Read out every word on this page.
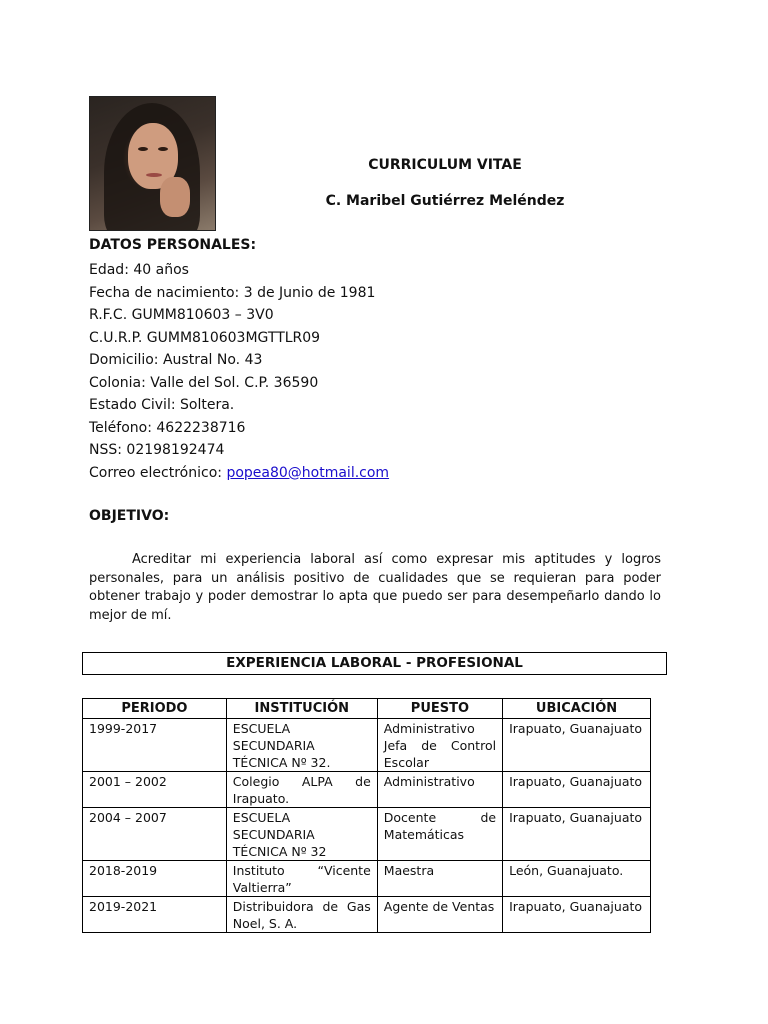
CURRICULUM VITAE
C. Maribel Gutiérrez Meléndez
DATOS PERSONALES:
Edad: 40 años
Fecha de nacimiento: 3 de Junio de 1981
R.F.C. GUMM810603 – 3V0
C.U.R.P. GUMM810603MGTTLR09
Domicilio: Austral No. 43
Colonia: Valle del Sol. C.P. 36590
Estado Civil: Soltera.
Teléfono: 4622238716
NSS: 02198192474
Correo electrónico: popea80@hotmail.com
OBJETIVO:
Acreditar mi experiencia laboral así como expresar mis aptitudes y logros personales, para un análisis positivo de cualidades que se requieran para poder obtener trabajo y poder demostrar lo apta que puedo ser para desempeñarlo dando lo mejor de mí.
EXPERIENCIA LABORAL - PROFESIONAL
PERIODO	INSTITUCIÓN	PUESTO	UBICACIÓN
1999-2017	ESCUELA SECUNDARIA TÉCNICA Nº 32.	Administrativo Jefa de Control Escolar	Irapuato, Guanajuato
2001 – 2002	Colegio ALPA de Irapuato.	Administrativo	Irapuato, Guanajuato
2004 – 2007	ESCUELA SECUNDARIA TÉCNICA Nº 32	Docente de Matemáticas	Irapuato, Guanajuato
2018-2019	Instituto “Vicente Valtierra”	Maestra	León, Guanajuato.
2019-2021	Distribuidora de Gas Noel, S. A.	Agente de Ventas	Irapuato, Guanajuato
